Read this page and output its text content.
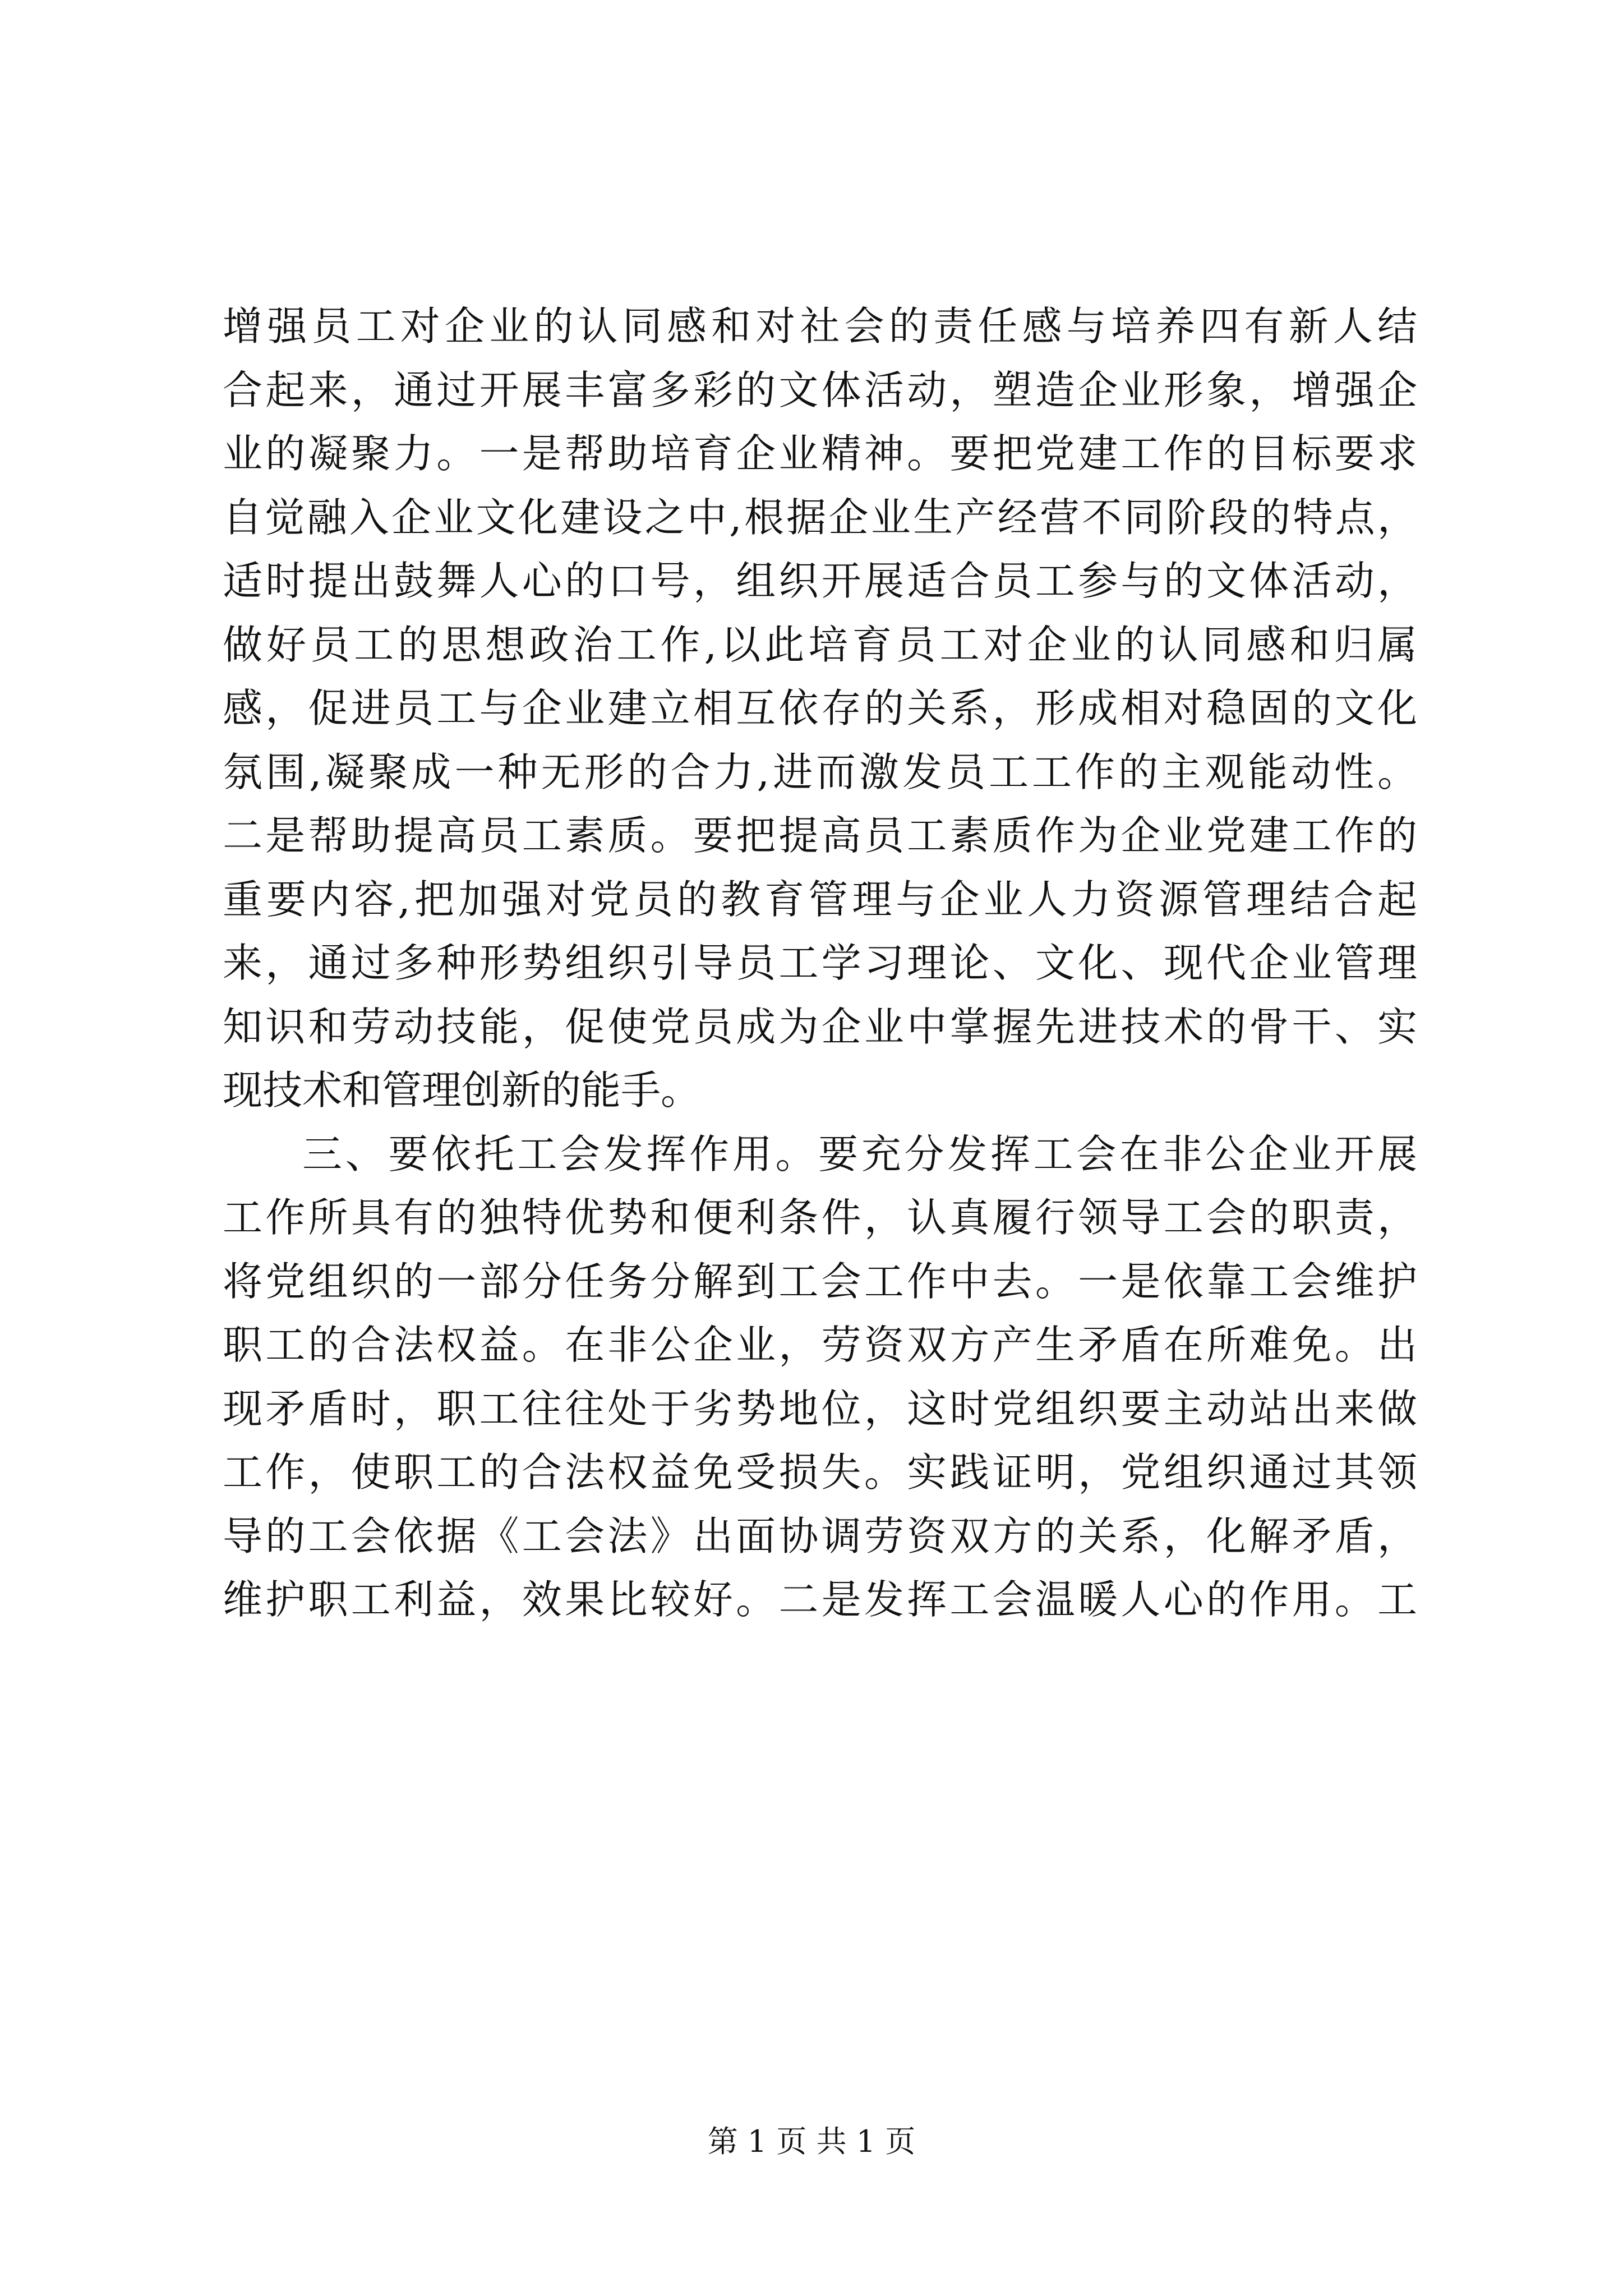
增强员工对企业的认同感和对社会的责任感与培养四有新人结
合起来，通过开展丰富多彩的文体活动，塑造企业形象，增强企
业的凝聚力。一是帮助培育企业精神。要把党建工作的目标要求
自觉融入企业文化建设之中,根据企业生产经营不同阶段的特点，
适时提出鼓舞人心的口号，组织开展适合员工参与的文体活动，
做好员工的思想政治工作,以此培育员工对企业的认同感和归属
感，促进员工与企业建立相互依存的关系，形成相对稳固的文化
氛围,凝聚成一种无形的合力,进而激发员工工作的主观能动性。
二是帮助提高员工素质。要把提高员工素质作为企业党建工作的
重要内容,把加强对党员的教育管理与企业人力资源管理结合起
来，通过多种形势组织引导员工学习理论、文化、现代企业管理
知识和劳动技能，促使党员成为企业中掌握先进技术的骨干、实
现技术和管理创新的能手。
三、要依托工会发挥作用。要充分发挥工会在非公企业开展
工作所具有的独特优势和便利条件，认真履行领导工会的职责，
将党组织的一部分任务分解到工会工作中去。一是依靠工会维护
职工的合法权益。在非公企业，劳资双方产生矛盾在所难免。出
现矛盾时，职工往往处于劣势地位，这时党组织要主动站出来做
工作，使职工的合法权益免受损失。实践证明，党组织通过其领
导的工会依据《工会法》出面协调劳资双方的关系，化解矛盾，
维护职工利益，效果比较好。二是发挥工会温暖人心的作用。工
第 1 页 共 1 页
